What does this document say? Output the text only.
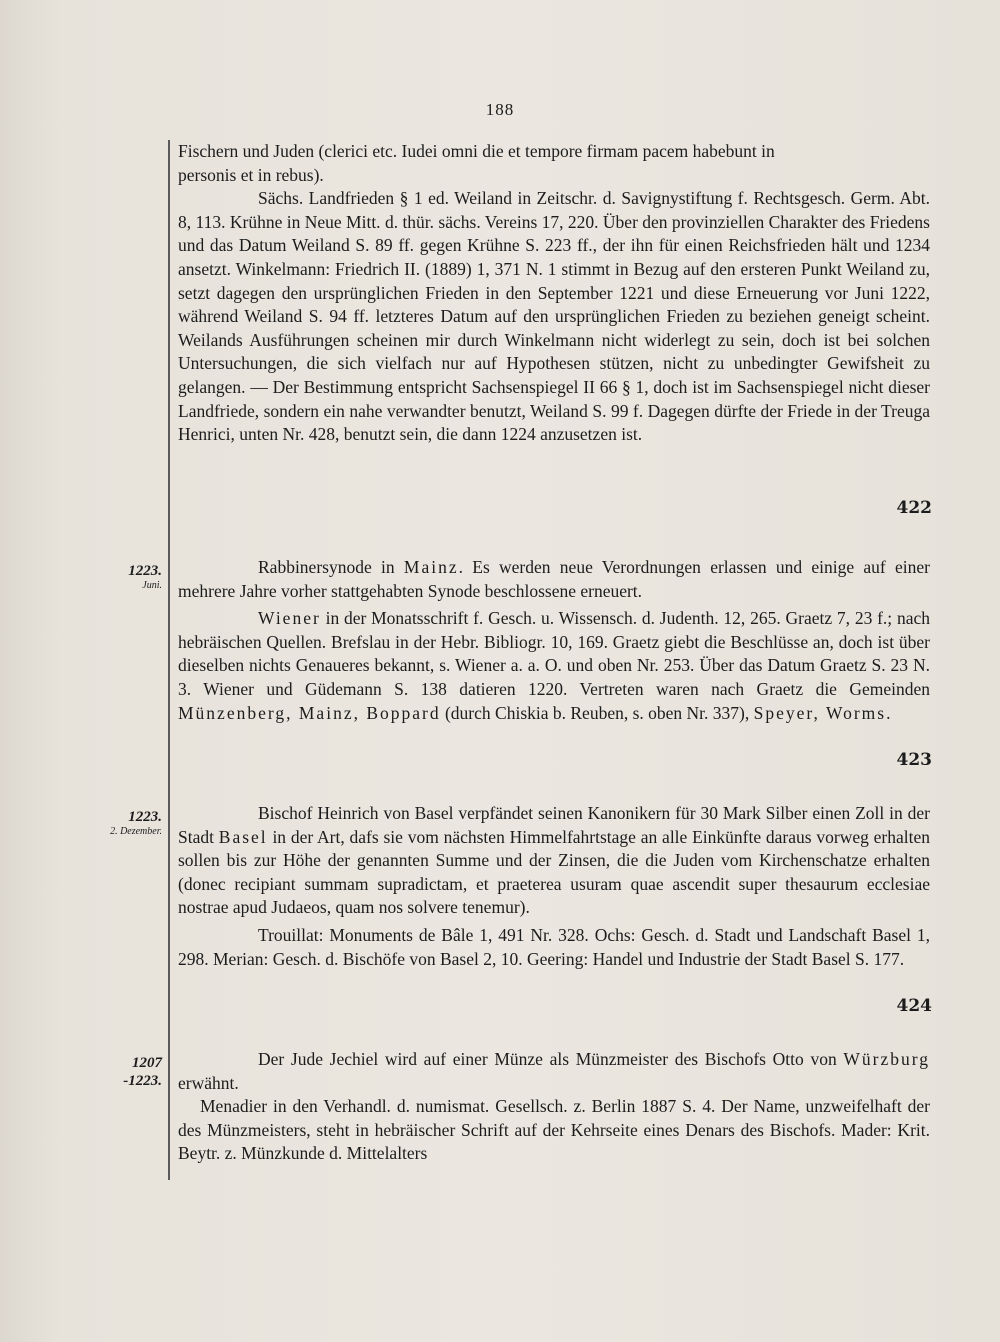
188

Fischern und Juden (clerici etc. Iudei omni die et tempore firmam pacem habebunt in

personis et in rebus).

Sächs. Landfrieden § 1 ed. Weiland in Zeitschr. d. Savignystiftung f. Rechtsgesch. Germ. Abt. 8, 113. Krühne in Neue Mitt. d. thür. sächs. Vereins 17, 220. Über den provinziellen Charakter des Friedens und das Datum Weiland S. 89 ff. gegen Krühne S. 223 ff., der ihn für einen Reichsfrieden hält und 1234 ansetzt. Winkelmann: Friedrich II. (1889) 1, 371 N. 1 stimmt in Bezug auf den ersteren Punkt Weiland zu, setzt dagegen den ursprünglichen Frieden in den September 1221 und diese Erneuerung vor Juni 1222, während Weiland S. 94 ff. letzteres Datum auf den ursprünglichen Frieden zu beziehen geneigt scheint. Weilands Ausführungen scheinen mir durch Winkelmann nicht widerlegt zu sein, doch ist bei solchen Untersuchungen, die sich vielfach nur auf Hypothesen stützen, nicht zu unbedingter Gewifsheit zu gelangen. — Der Bestimmung entspricht Sachsenspiegel II 66 § 1, doch ist im Sachsenspiegel nicht dieser Landfriede, sondern ein nahe verwandter benutzt, Weiland S. 99 f. Dagegen dürfte der Friede in der Treuga Henrici, unten Nr. 428, benutzt sein, die dann 1224 anzusetzen ist.

422
1223.
Juni.

Rabbinersynode in Mainz. Es werden neue Verordnungen erlassen und einige auf einer mehrere Jahre vorher stattgehabten Synode beschlossene erneuert.

Wiener in der Monatsschrift f. Gesch. u. Wissensch. d. Judenth. 12, 265. Graetz 7, 23 f.; nach hebräischen Quellen. Brefslau in der Hebr. Bibliogr. 10, 169. Graetz giebt die Beschlüsse an, doch ist über dieselben nichts Genaueres bekannt, s. Wiener a. a. O. und oben Nr. 253. Über das Datum Graetz S. 23 N. 3. Wiener und Güdemann S. 138 datieren 1220. Vertreten waren nach Graetz die Gemeinden Münzenberg, Mainz, Boppard (durch Chiskia b. Reuben, s. oben Nr. 337), Speyer, Worms.

423
1223.
2. Dezember.

Bischof Heinrich von Basel verpfändet seinen Kanonikern für 30 Mark Silber einen Zoll in der Stadt Basel in der Art, dafs sie vom nächsten Himmelfahrtstage an alle Einkünfte daraus vorweg erhalten sollen bis zur Höhe der genannten Summe und der Zinsen, die die Juden vom Kirchenschatze erhalten (donec recipiant summam supradictam, et praeterea usuram quae ascendit super thesaurum ecclesiae nostrae apud Judaeos, quam nos solvere tenemur).

Trouillat: Monuments de Bâle 1, 491 Nr. 328. Ochs: Gesch. d. Stadt und Landschaft Basel 1, 298. Merian: Gesch. d. Bischöfe von Basel 2, 10. Geering: Handel und Industrie der Stadt Basel S. 177.

424
1207
-1223.

Der Jude Jechiel wird auf einer Münze als Münzmeister des Bischofs Otto von Würzburg erwähnt.

Menadier in den Verhandl. d. numismat. Gesellsch. z. Berlin 1887 S. 4. Der Name, unzweifelhaft der des Münzmeisters, steht in hebräischer Schrift auf der Kehrseite eines Denars des Bischofs. Mader: Krit. Beytr. z. Münzkunde d. Mittelalters
